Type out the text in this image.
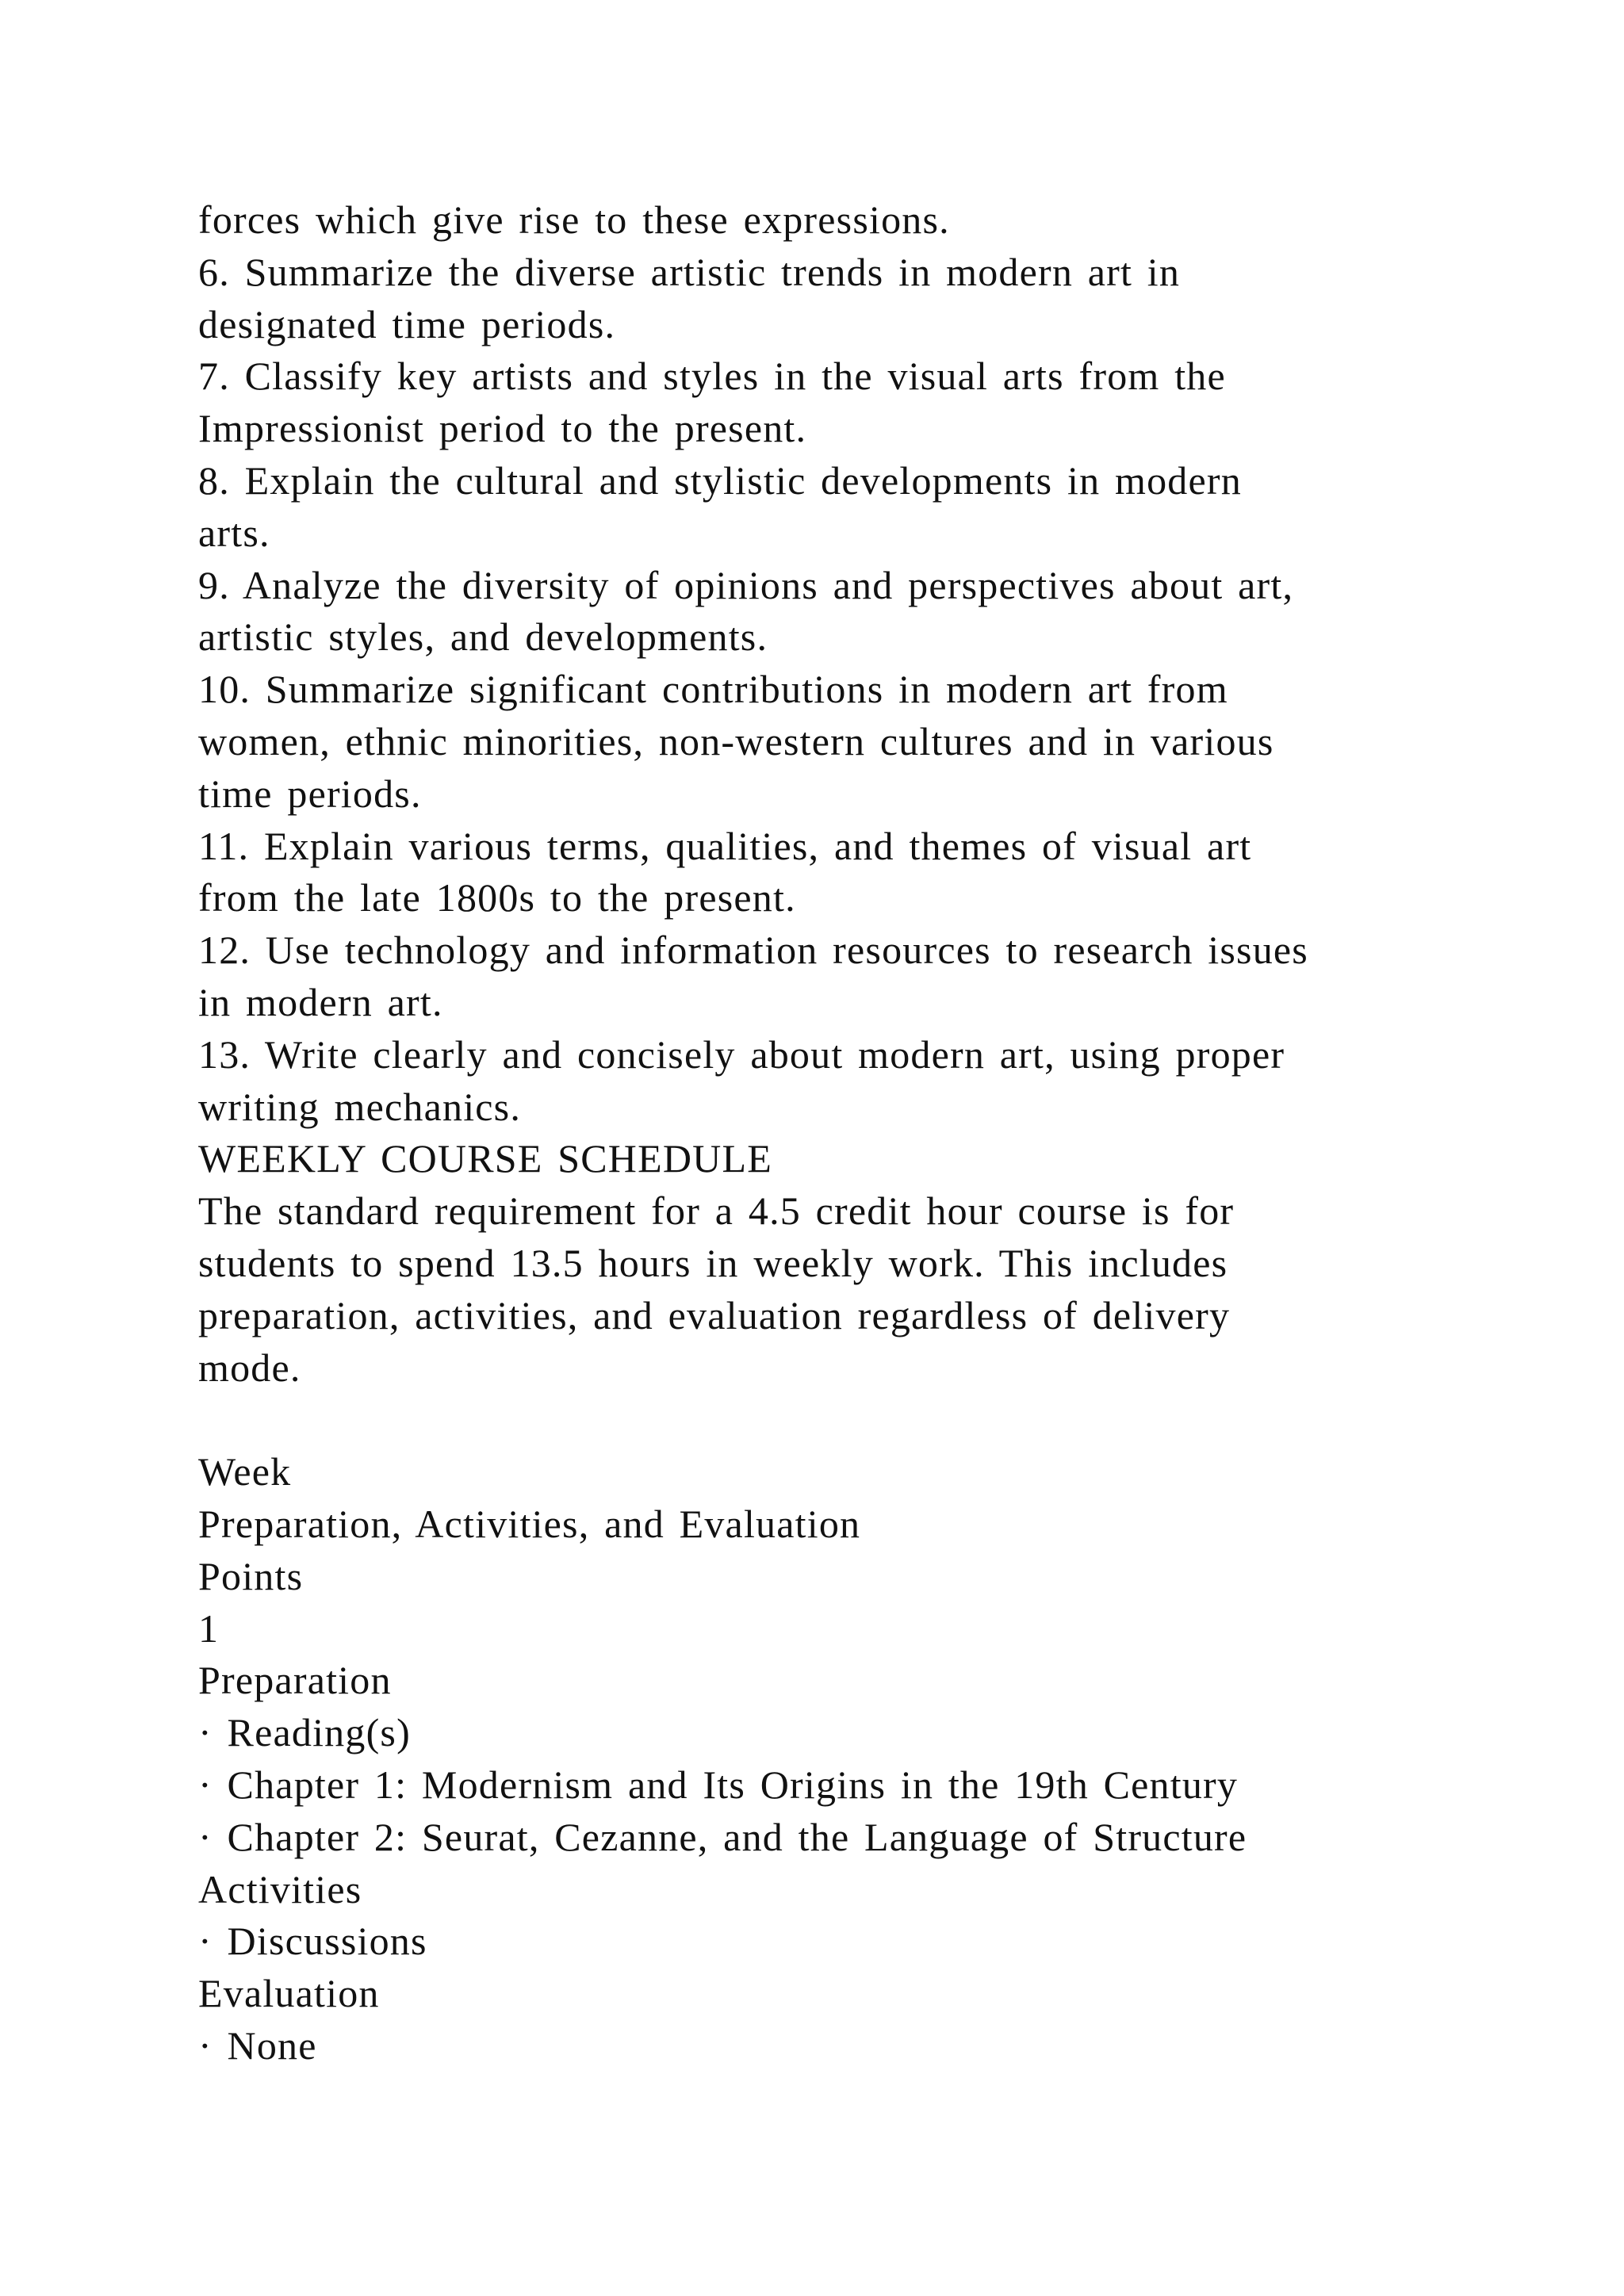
forces which give rise to these expressions.
6. Summarize the diverse artistic trends in modern art in
designated time periods.
7. Classify key artists and styles in the visual arts from the
Impressionist period to the present.
8. Explain the cultural and stylistic developments in modern
arts.
9. Analyze the diversity of opinions and perspectives about art,
artistic styles, and developments.
10. Summarize significant contributions in modern art from
women, ethnic minorities, non-western cultures and in various
time periods.
11. Explain various terms, qualities, and themes of visual art
from the late 1800s to the present.
12. Use technology and information resources to research issues
in modern art.
13. Write clearly and concisely about modern art, using proper
writing mechanics.
WEEKLY COURSE SCHEDULE
The standard requirement for a 4.5 credit hour course is for
students to spend 13.5 hours in weekly work. This includes
preparation, activities, and evaluation regardless of delivery
mode.
Week
Preparation, Activities, and Evaluation
Points
1
Preparation
· Reading(s)
· Chapter 1: Modernism and Its Origins in the 19th Century
· Chapter 2: Seurat, Cezanne, and the Language of Structure
Activities
· Discussions
Evaluation
· None
